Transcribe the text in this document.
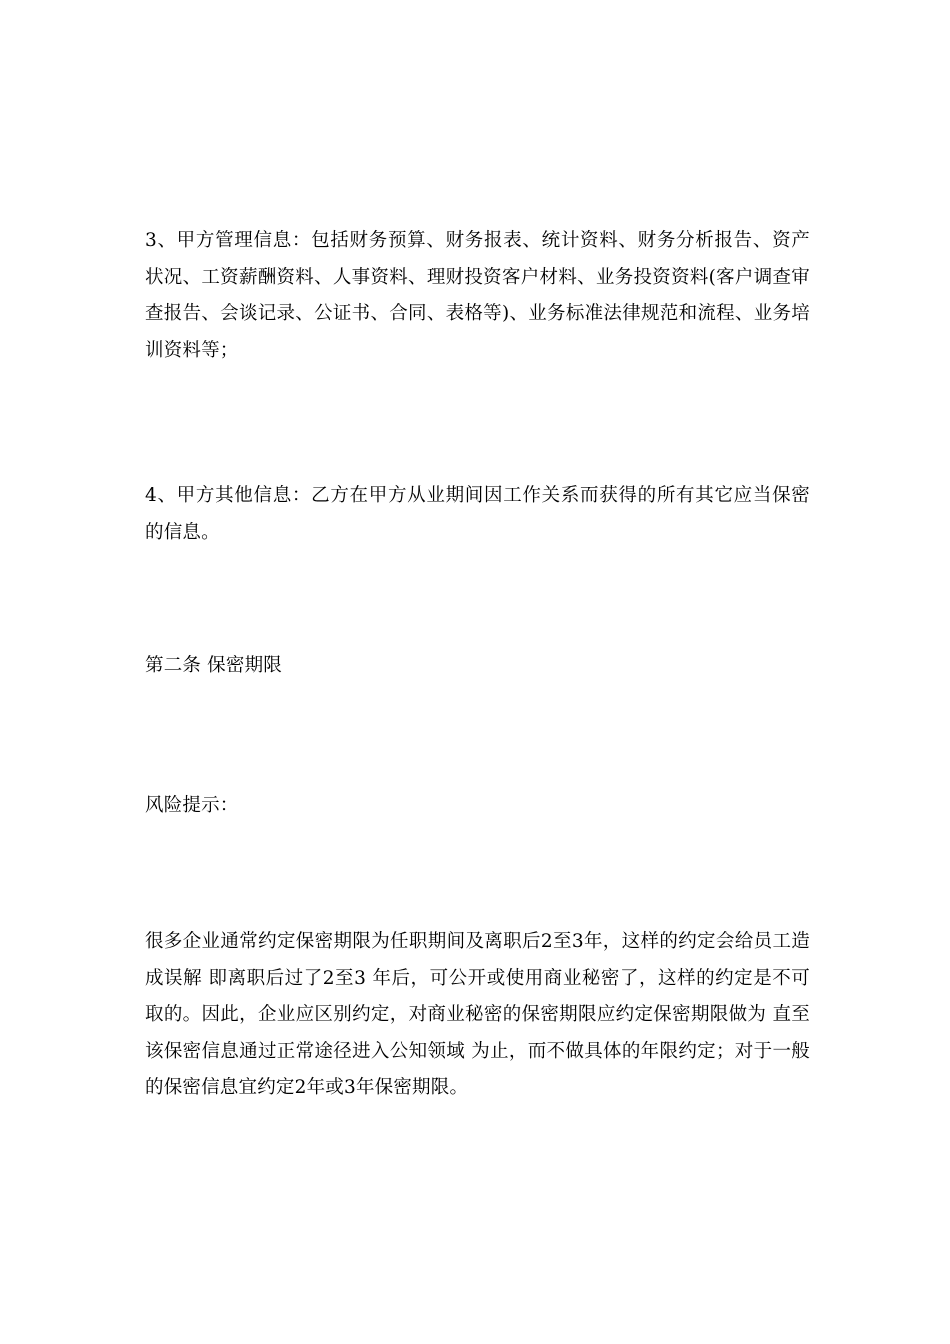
3、甲方管理信息：包括财务预算、财务报表、统计资料、财务分析报告、资产状况、工资薪酬资料、人事资料、理财投资客户材料、业务投资资料(客户调查审查报告、会谈记录、公证书、合同、表格等)、业务标准法律规范和流程、业务培训资料等；

4、甲方其他信息：乙方在甲方从业期间因工作关系而获得的所有其它应当保密的信息。

第二条 保密期限

风险提示：

很多企业通常约定保密期限为任职期间及离职后2至3年，这样的约定会给员工造成误解 即离职后过了2至3 年后，可公开或使用商业秘密了，这样的约定是不可取的。因此，企业应区别约定，对商业秘密的保密期限应约定保密期限做为 直至该保密信息通过正常途径进入公知领域 为止，而不做具体的年限约定；对于一般的保密信息宜约定2年或3年保密期限。
